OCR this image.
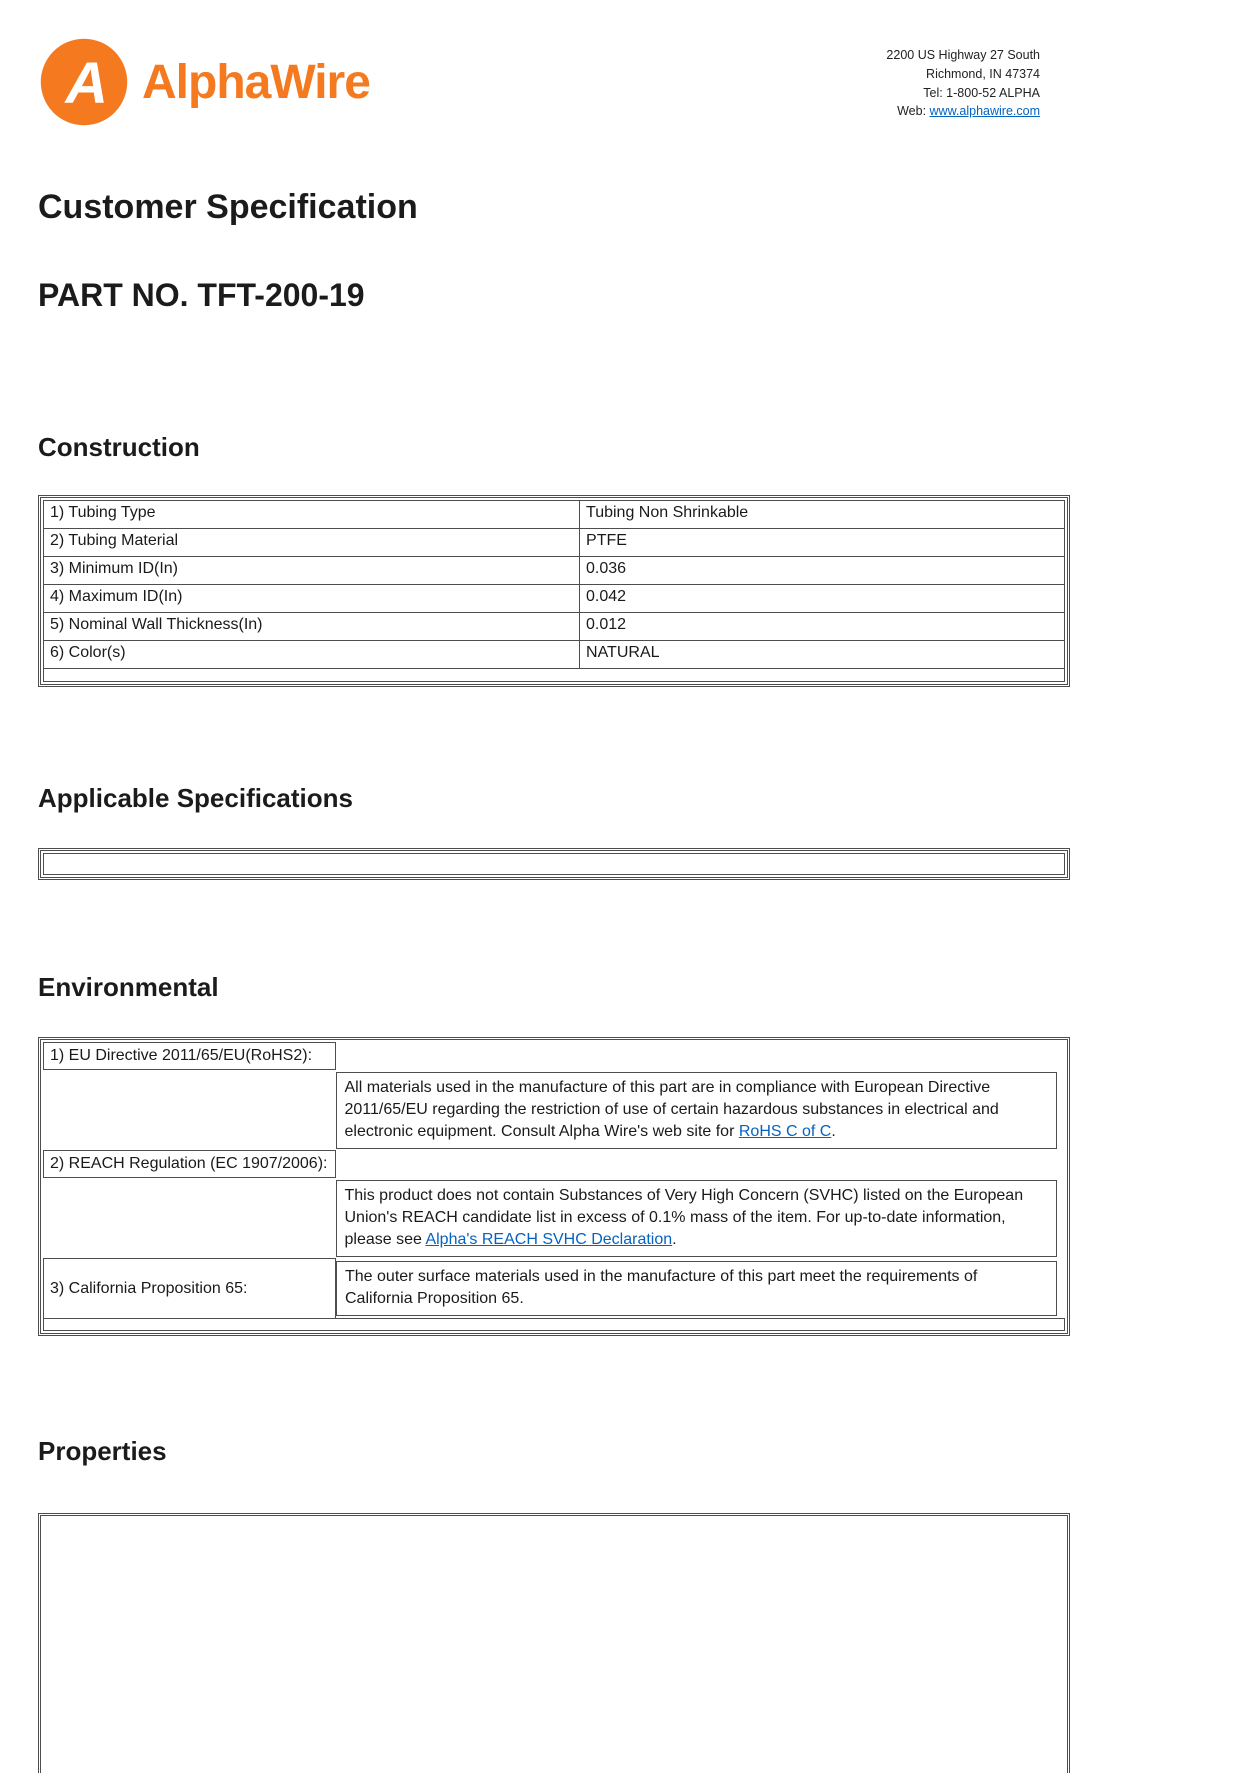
A AlphaWire
2200 US Highway 27 South
Richmond, IN 47374
Tel: 1-800-52 ALPHA
Web: www.alphawire.com
Customer Specification
PART NO. TFT-200-19
Construction
1) Tubing Type	Tubing Non Shrinkable
2) Tubing Material	PTFE
3) Minimum ID(In)	0.036
4) Maximum ID(In)	0.042
5) Nominal Wall Thickness(In)	0.012
6) Color(s)	NATURAL

Applicable Specifications
Environmental
1) EU Directive 2011/65/EU(RoHS2):	

	All materials used in the manufacture of this part are in compliance with European Directive 2011/65/EU regarding the restriction of use of certain hazardous substances in electrical and electronic equipment. Consult Alpha Wire's web site for RoHS C of C.

2) REACH Regulation (EC 1907/2006):	

	This product does not contain Substances of Very High Concern (SVHC) listed on the European Union's REACH candidate list in excess of 0.1% mass of the item. For up-to-date information, please see Alpha's REACH SVHC Declaration.

3) California Proposition 65:	The outer surface materials used in the manufacture of this part meet the requirements of California Proposition 65.

Properties
